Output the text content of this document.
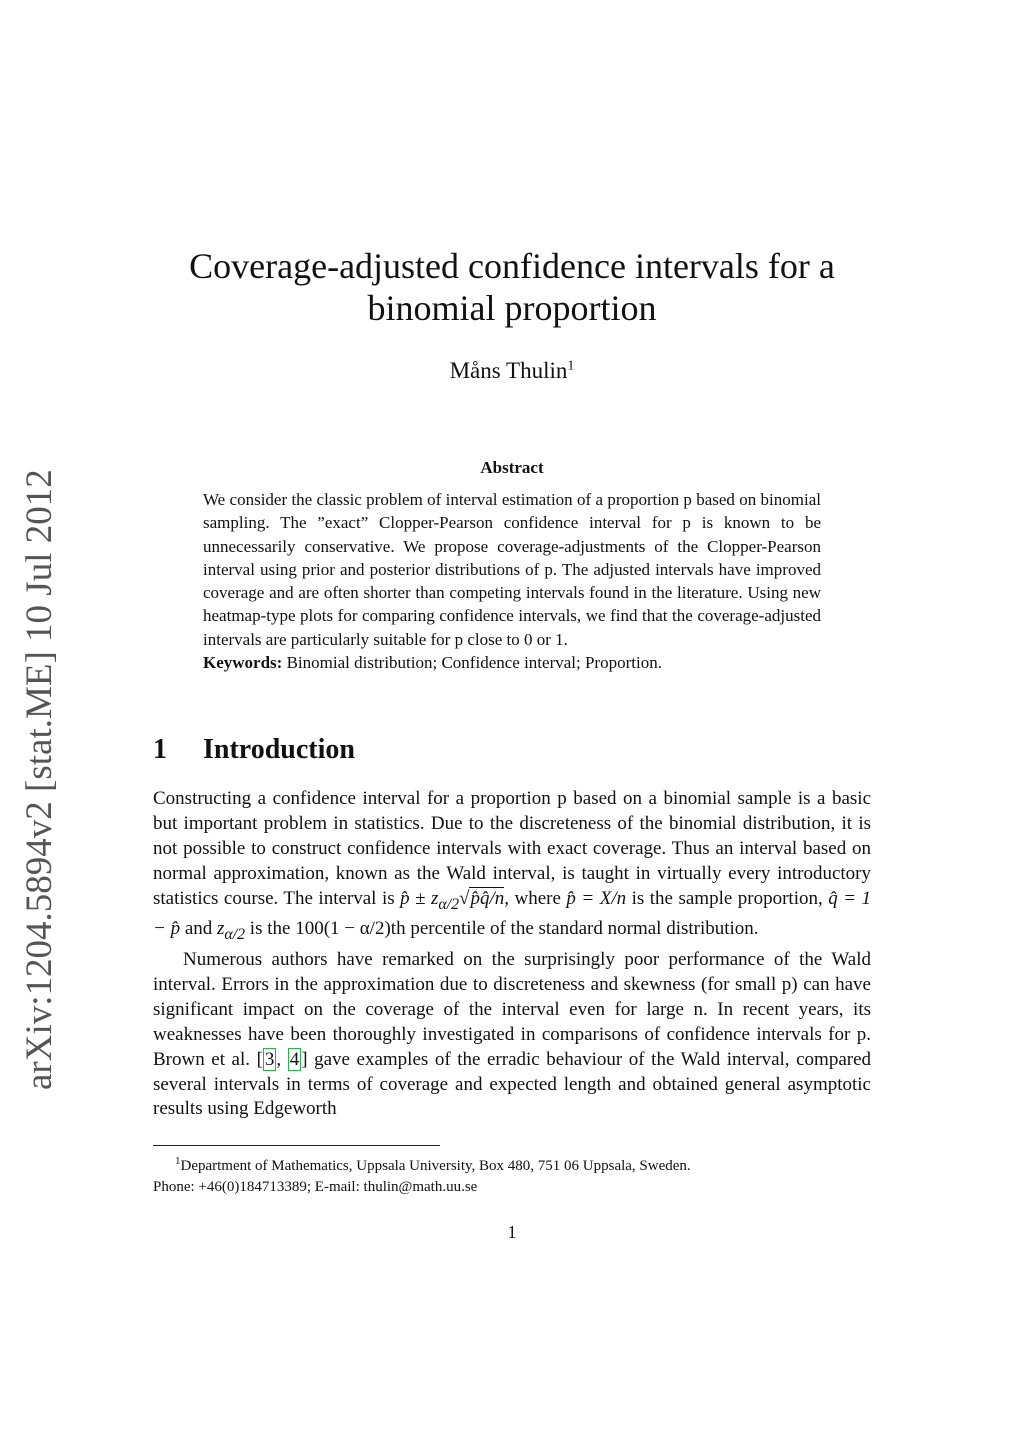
arXiv:1204.5894v2 [stat.ME] 10 Jul 2012
Coverage-adjusted confidence intervals for a
binomial proportion
Måns Thulin$^1$
Abstract

We consider the classic problem of interval estimation of a proportion p based on binomial sampling. The ”exact” Clopper-Pearson confidence interval for p is known to be unnecessarily conservative. We propose coverage-adjustments of the Clopper-Pearson interval using prior and posterior distributions of p. The adjusted intervals have improved coverage and are often shorter than competing intervals found in the literature. Using new heatmap-type plots for comparing confidence intervals, we find that the coverage-adjusted intervals are particularly suitable for p close to 0 or 1.

Keywords: Binomial distribution; Confidence interval; Proportion.

1 Introduction

Constructing a confidence interval for a proportion p based on a binomial sample is a basic but important problem in statistics. Due to the discreteness of the binomial distribution, it is not possible to construct confidence intervals with exact coverage. Thus an interval based on normal approximation, known as the Wald interval, is taught in virtually every introductory statistics course. The interval is p̂ ± $z_{\alpha/2}√p̂q̂/n$, where p̂ = X/n is the sample proportion, q̂ = 1 − p̂ and $z_{\alpha/2}$ is the 100(1 − α/2)th percentile of the standard normal distribution.

Numerous authors have remarked on the surprisingly poor performance of the Wald interval. Errors in the approximation due to discreteness and skewness (for small p) can have significant impact on the coverage of the interval even for large n. In recent years, its weaknesses have been thoroughly investigated in comparisons of confidence intervals for p. Brown et al. [ 3 , 4 ] gave examples of the erradic behaviour of the Wald interval, compared several intervals in terms of coverage and expected length and obtained general asymptotic results using Edgeworth

$^1$Department of Mathematics, Uppsala University, Box 480, 751 06 Uppsala, Sweden.
Phone: +46(0)184713389; E-mail: thulin@math.uu.se
1
